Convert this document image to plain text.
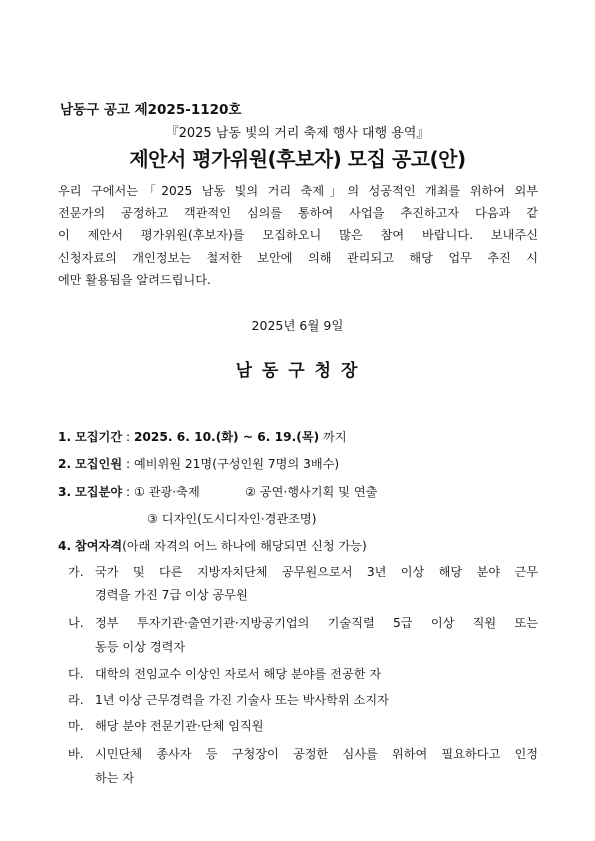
남동구 공고 제2025-1120호
『2025 남동 빛의 거리 축제 행사 대행 용역』
제안서 평가위원(후보자) 모집 공고(안)
우리 구에서는「2025 남동 빛의 거리 축제」의 성공적인 개최를 위하여 외부
전문가의 공정하고 객관적인 심의를 통하여 사업을 추진하고자 다음과 같
이 제안서 평가위원(후보자)를 모집하오니 많은 참여 바랍니다. 보내주신
신청자료의 개인정보는 철저한 보안에 의해 관리되고 해당 업무 추진 시
에만 활용됨을 알려드립니다.
2025년 6월 9일
남 동 구 청 장
1. 모집기간 : 2025. 6. 10.(화) ~ 6. 19.(목) 까지
2. 모집인원 : 예비위원 21명(구성인원 7명의 3배수)
3. 모집분야 : ① 관광·축제	② 공연·행사기획 및 연출
③ 디자인(도시디자인·경관조명)
4. 참여자격(아래 자격의 어느 하나에 해당되면 신청 가능)
가. 국가 및 다른 지방자치단체 공무원으로서 3년 이상 해당 분야 근무
경력을 가진 7급 이상 공무원
나. 정부 투자기관·출연기관·지방공기업의 기술직렬 5급 이상 직원 또는
동등 이상 경력자
다. 대학의 전임교수 이상인 자로서 해당 분야를 전공한 자
라. 1년 이상 근무경력을 가진 기술사 또는 박사학위 소지자
마. 해당 분야 전문기관·단체 임직원
바. 시민단체 종사자 등 구청장이 공정한 심사를 위하여 필요하다고 인정
하는 자
